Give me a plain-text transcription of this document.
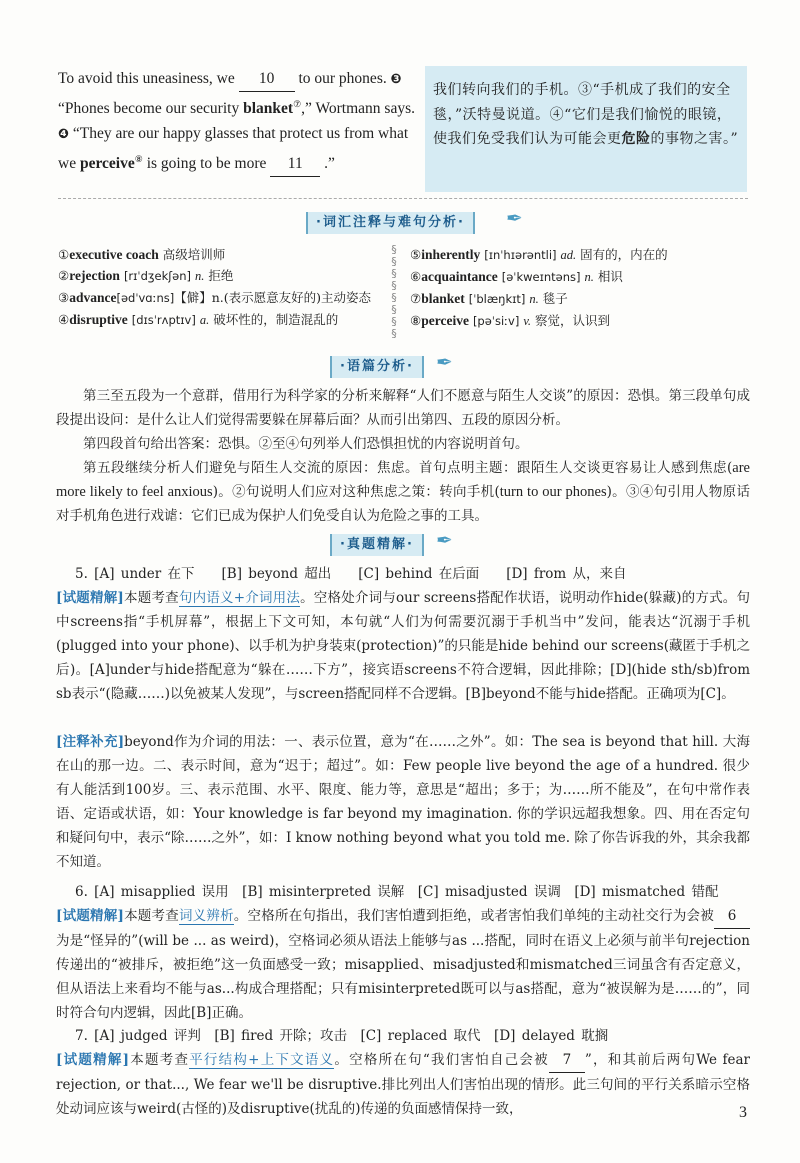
To avoid this uneasiness, we 10 to our phones. ❸
“Phones become our security blanket⑦,” Wortmann says. ❹ “They are our happy glasses that protect us from what we perceive⑧ is going to be more 11 .”
我们转向我们的手机。③“手机成了我们的安全毯，”沃特曼说道。④“它们是我们愉悦的眼镜，使我们免受我们认为可能会更危险的事物之害。”
·词汇注释与难句分析·	✒
①executive coach 高级培训师
②rejection [rɪˈdʒekʃən] n. 拒绝
③advance[ədˈvɑːns]【僻】n.(表示愿意友好的)主动姿态
④disruptive [dɪsˈrʌptɪv] a. 破坏性的，制造混乱的
§
§
§
§
§
§
§
§
⑤inherently [ɪnˈhɪərəntli] ad. 固有的，内在的
⑥acquaintance [əˈkweɪntəns] n. 相识
⑦blanket [ˈblæŋkɪt] n. 毯子
⑧perceive [pəˈsiːv] v. 察觉，认识到
·语篇分析·	✒
第三至五段为一个意群，借用行为科学家的分析来解释“人们不愿意与陌生人交谈”的原因：恐惧。第三段单句成段提出设问：是什么让人们觉得需要躲在屏幕后面？从而引出第四、五段的原因分析。
第四段首句给出答案：恐惧。②至④句列举人们恐惧担忧的内容说明首句。
第五段继续分析人们避免与陌生人交流的原因：焦虑。首句点明主题：跟陌生人交谈更容易让人感到焦虑(are more likely to feel anxious)。②句说明人们应对这种焦虑之策：转向手机(turn to our phones)。③④句引用人物原话对手机角色进行戏谑：它们已成为保护人们免受自认为危险之事的工具。
·真题精解·	✒
5. [A] under 在下　　[B] beyond 超出　　[C] behind 在后面　　[D] from 从，来自
[试题精解]本题考查句内语义+介词用法。空格处介词与our screens搭配作状语，说明动作hide(躲藏)的方式。句中screens指“手机屏幕”，根据上下文可知，本句就“人们为何需要沉溺于手机当中”发问，能表达“沉溺于手机(plugged into your phone)、以手机为护身装束(protection)”的只能是hide behind our screens(藏匿于手机之后)。[A]under与hide搭配意为“躲在……下方”，接宾语screens不符合逻辑，因此排除；[D](hide sth/sb)from sb表示“(隐藏……)以免被某人发现”，与screen搭配同样不合逻辑。[B]beyond不能与hide搭配。正确项为[C]。
[注释补充]beyond作为介词的用法：一、表示位置，意为“在……之外”。如：The sea is beyond that hill. 大海在山的那一边。二、表示时间，意为“迟于；超过”。如：Few people live beyond the age of a hundred. 很少有人能活到100岁。三、表示范围、水平、限度、能力等，意思是“超出；多于；为……所不能及”，在句中常作表语、定语或状语，如：Your knowledge is far beyond my imagination. 你的学识远超我想象。四、用在否定句和疑问句中，表示“除……之外”，如：I know nothing beyond what you told me. 除了你告诉我的外，其余我都不知道。
6. [A] misapplied 误用　[B] misinterpreted 误解　[C] misadjusted 误调　[D] mismatched 错配
[试题精解]本题考查词义辨析。空格所在句指出，我们害怕遭到拒绝，或者害怕我们单纯的主动社交行为会被 6为是“怪异的”(will be ... as weird)，空格词必须从语法上能够与as ...搭配，同时在语义上必须与前半句rejection传递出的“被排斥，被拒绝”这一负面感受一致；misapplied、misadjusted和mismatched三词虽含有否定意义，但从语法上来看均不能与as...构成合理搭配；只有misinterpreted既可以与as搭配，意为“被误解为是……的”，同时符合句内逻辑，因此[B]正确。
7. [A] judged 评判　[B] fired 开除；攻击　[C] replaced 取代　[D] delayed 耽搁
[试题精解]本题考查平行结构+上下文语义。空格所在句“我们害怕自己会被 7 ”，和其前后两句We fear rejection, or that..., We fear we'll be disruptive.排比列出人们害怕出现的情形。此三句间的平行关系暗示空格处动词应该与weird(古怪的)及disruptive(扰乱的)传递的负面感情保持一致，	3
